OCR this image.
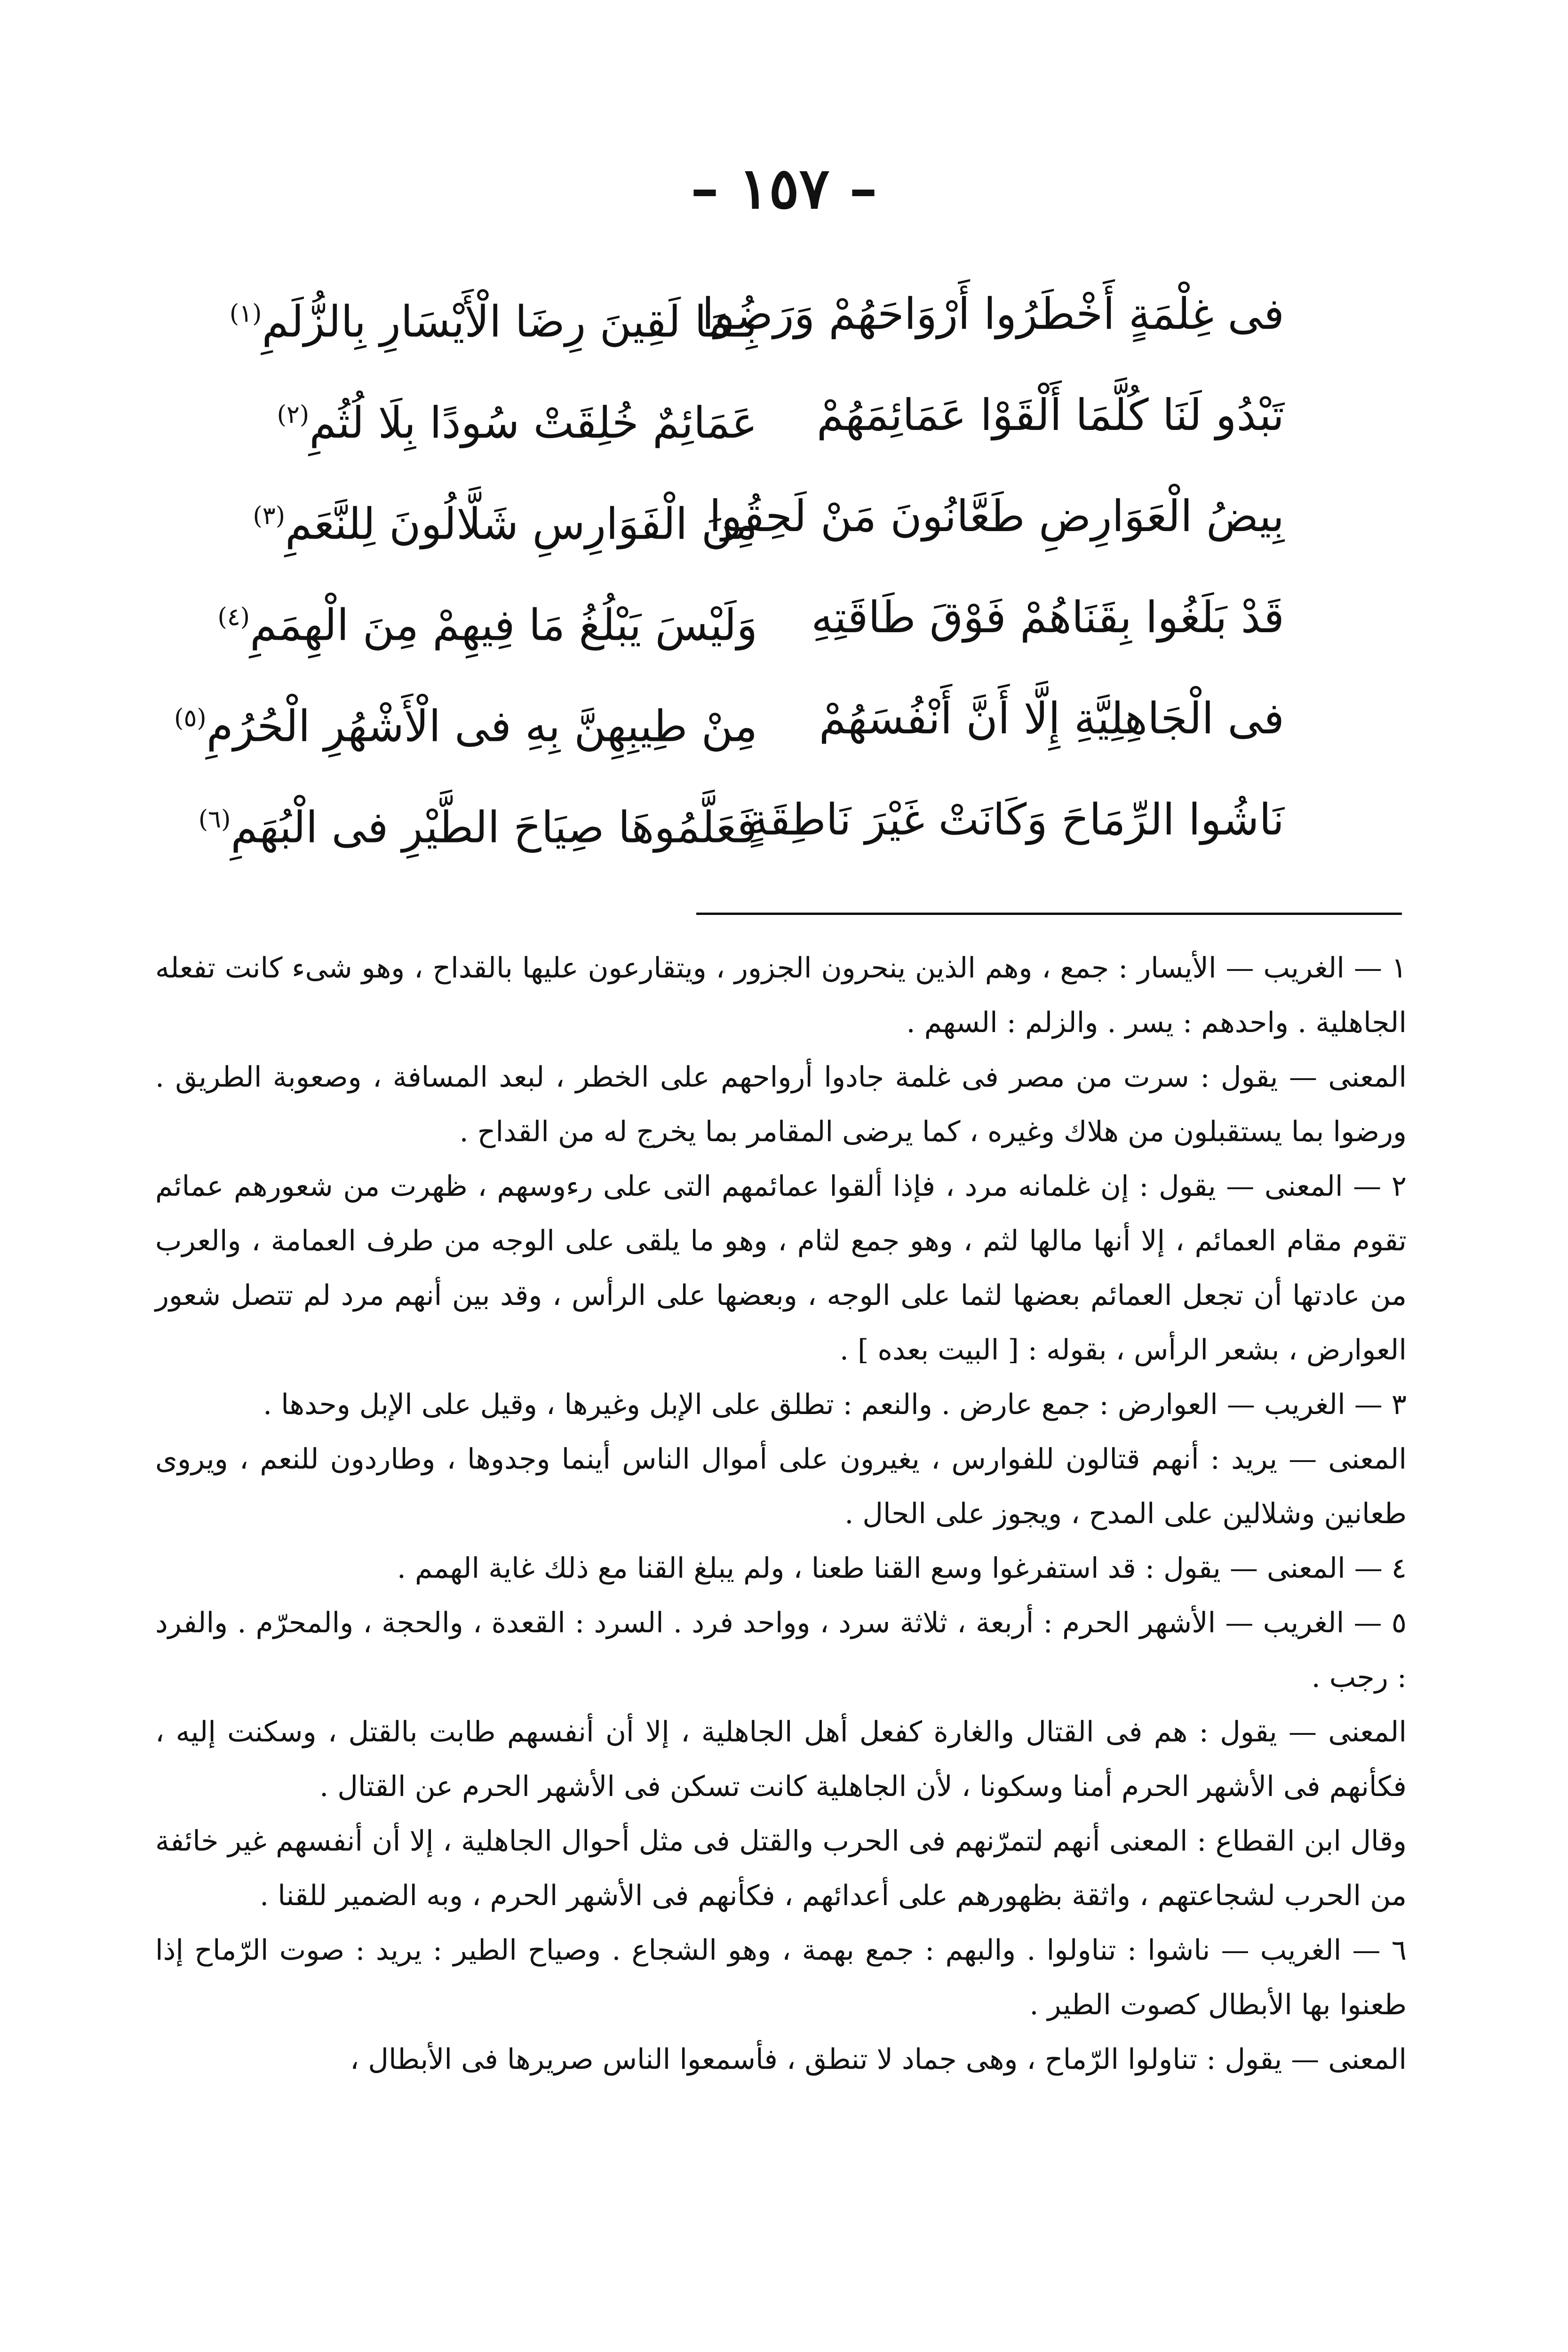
– ١٥٧ –
فى غِلْمَةٍ أَخْطَرُوا أَرْوَاحَهُمْ وَرَضُوا
بِـمَا لَقِينَ رِضَا الْأَيْسَارِ بِالزُّلَمِ$^{(١)}$
تَبْدُو لَنَا كُلَّمَا أَلْقَوْا عَمَائِمَهُمْ
عَمَائِمٌ خُلِقَتْ سُودًا بِلَا لُثُمِ$^{(٢)}$
بِيضُ الْعَوَارِضِ طَعَّانُونَ مَنْ لَحِقُوا
مِنَ الْفَوَارِسِ شَلَّالُونَ لِلنَّعَمِ$^{(٣)}$
قَدْ بَلَغُوا بِقَنَاهُمْ فَوْقَ طَاقَتِهِ
وَلَيْسَ يَبْلُغُ مَا فِيهِمْ مِنَ الْهِمَمِ$^{(٤)}$
فى الْجَاهِلِيَّةِ إِلَّا أَنَّ أَنْفُسَهُمْ
مِنْ طِيبِهِنَّ بِهِ فى الْأَشْهُرِ الْحُرُمِ$^{(٥)}$
نَاشُوا الرِّمَاحَ وَكَانَتْ غَيْرَ نَاطِقَةٍ
فَعَلَّمُوهَا صِيَاحَ الطَّيْرِ فى الْبُهَمِ$^{(٦)}$

١ — الغريب — الأيسار : جمع ، وهم الذين ينحرون الجزور ، ويتقارعون عليها بالقداح ، وهو شىء كانت تفعله الجاهلية . واحدهم : يسر . والزلم : السهم .

المعنى — يقول : سرت من مصر فى غلمة جادوا أرواحهم على الخطر ، لبعد المسافة ، وصعوبة الطريق . ورضوا بما يستقبلون من هلاك وغيره ، كما يرضى المقامر بما يخرج له من القداح .

٢ — المعنى — يقول : إن غلمانه مرد ، فإذا ألقوا عمائمهم التى على رءوسهم ، ظهرت من شعورهم عمائم تقوم مقام العمائم ، إلا أنها مالها لثم ، وهو جمع لثام ، وهو ما يلقى على الوجه من طرف العمامة ، والعرب من عادتها أن تجعل العمائم بعضها لثما على الوجه ، وبعضها على الرأس ، وقد بين أنهم مرد لم تتصل شعور العوارض ، بشعر الرأس ، بقوله : [ البيت بعده ] .

٣ — الغريب — العوارض : جمع عارض . والنعم : تطلق على الإبل وغيرها ، وقيل على الإبل وحدها .

المعنى — يريد : أنهم قتالون للفوارس ، يغيرون على أموال الناس أينما وجدوها ، وطاردون للنعم ، ويروى طعانين وشلالين على المدح ، ويجوز على الحال .

٤ — المعنى — يقول : قد استفرغوا وسع القنا طعنا ، ولم يبلغ القنا مع ذلك غاية الهمم .

٥ — الغريب — الأشهر الحرم : أربعة ، ثلاثة سرد ، وواحد فرد . السرد : القعدة ، والحجة ، والمحرّم . والفرد : رجب .

المعنى — يقول : هم فى القتال والغارة كفعل أهل الجاهلية ، إلا أن أنفسهم طابت بالقتل ، وسكنت إليه ، فكأنهم فى الأشهر الحرم أمنا وسكونا ، لأن الجاهلية كانت تسكن فى الأشهر الحرم عن القتال .

وقال ابن القطاع : المعنى أنهم لتمرّنهم فى الحرب والقتل فى مثل أحوال الجاهلية ، إلا أن أنفسهم غير خائفة من الحرب لشجاعتهم ، واثقة بظهورهم على أعدائهم ، فكأنهم فى الأشهر الحرم ، وبه الضمير للقنا .

٦ — الغريب — ناشوا : تناولوا . والبهم : جمع بهمة ، وهو الشجاع . وصياح الطير : يريد : صوت الرّماح إذا طعنوا بها الأبطال كصوت الطير .

المعنى — يقول : تناولوا الرّماح ، وهى جماد لا تنطق ، فأسمعوا الناس صريرها فى الأبطال ،
